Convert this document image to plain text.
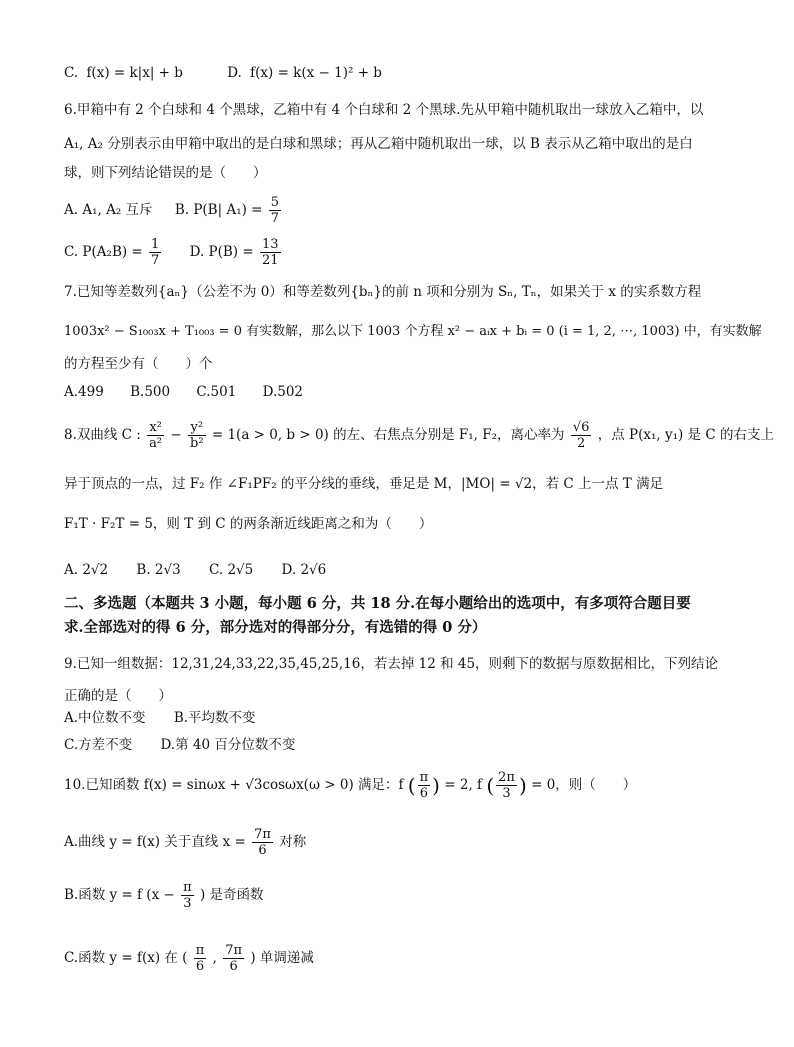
C. f(x) = k|x| + b	D. f(x) = k(x − 1)² + b
6.甲箱中有 2 个白球和 4 个黑球，乙箱中有 4 个白球和 2 个黑球.先从甲箱中随机取出一球放入乙箱中，以
A₁, A₂ 分别表示由甲箱中取出的是白球和黑球；再从乙箱中随机取出一球，以 B 表示从乙箱中取出的是白
球，则下列结论错误的是（　　）
A. A₁, A₂ 互斥 B. P(B| $A_1) = \frac{5}{7}$
C. $P(A_2B) = \frac{1}{7} D$. $P(B) = \frac{13}{21}$
7.已知等差数列{aₙ}（公差不为 0）和等差数列{bₙ}的前 n 项和分别为 Sₙ, Tₙ，如果关于 x 的实系数方程
1003x² − S₁₀₀₃x + T₁₀₀₃ = 0 有实数解，那么以下 1003 个方程 x² − aᵢx + bᵢ = 0 (i = 1, 2, ⋯, 1003) 中，有实数解
的方程至少有（　　）个
A.499 B.500 C.501 D.502
8.双曲线 C : $\frac{\text{x²}}{\text{a²}} - \frac{\text{y²}}{\text{b²}} = 1(a > 0$, b > 0) 的左、右焦点分别是 F₁, F₂，离心率为 $\frac{√6}{2}$ ，点 P(x₁, y₁) 是 C 的右支上
异于顶点的一点，过 F₂ 作 ∠F₁PF₂ 的平分线的垂线，垂足是 M，|MO| = √2，若 C 上一点 T 满足
F₁T · F₂T = 5，则 T 到 C 的两条渐近线距离之和为（　　）
A. 2√2 B. 2√3 C. 2√5 D. 2√6
二、多选题（本题共 3 小题，每小题 6 分，共 18 分.在每小题给出的选项中，有多项符合题目要
求.全部选对的得 6 分，部分选对的得部分分，有选错的得 0 分）
9.已知一组数据：12,31,24,33,22,35,45,25,16，若去掉 12 和 45，则剩下的数据与原数据相比，下列结论
正确的是（　　）
A.中位数不变 B.平均数不变
C.方差不变 D.第 40 百分位数不变
10.已知函数 f(x) = sinωx + √3cosωx(ω > 0) 满足：f ( $\frac{\pi}{6}$ ) = 2, f ( $\frac{2\pi}{3}$ ) = 0，则（　　）
A.曲线 y = f(x) 关于直线 $x = \frac{7\pi}{6}$ 对称
B.函数 y = f ($x - \frac{\pi}{3}$ ) 是奇函数
C.函数 y = f(x) 在 ( $\frac{\pi}{6}$ , $\frac{7\pi}{6}$ ) 单调递减
